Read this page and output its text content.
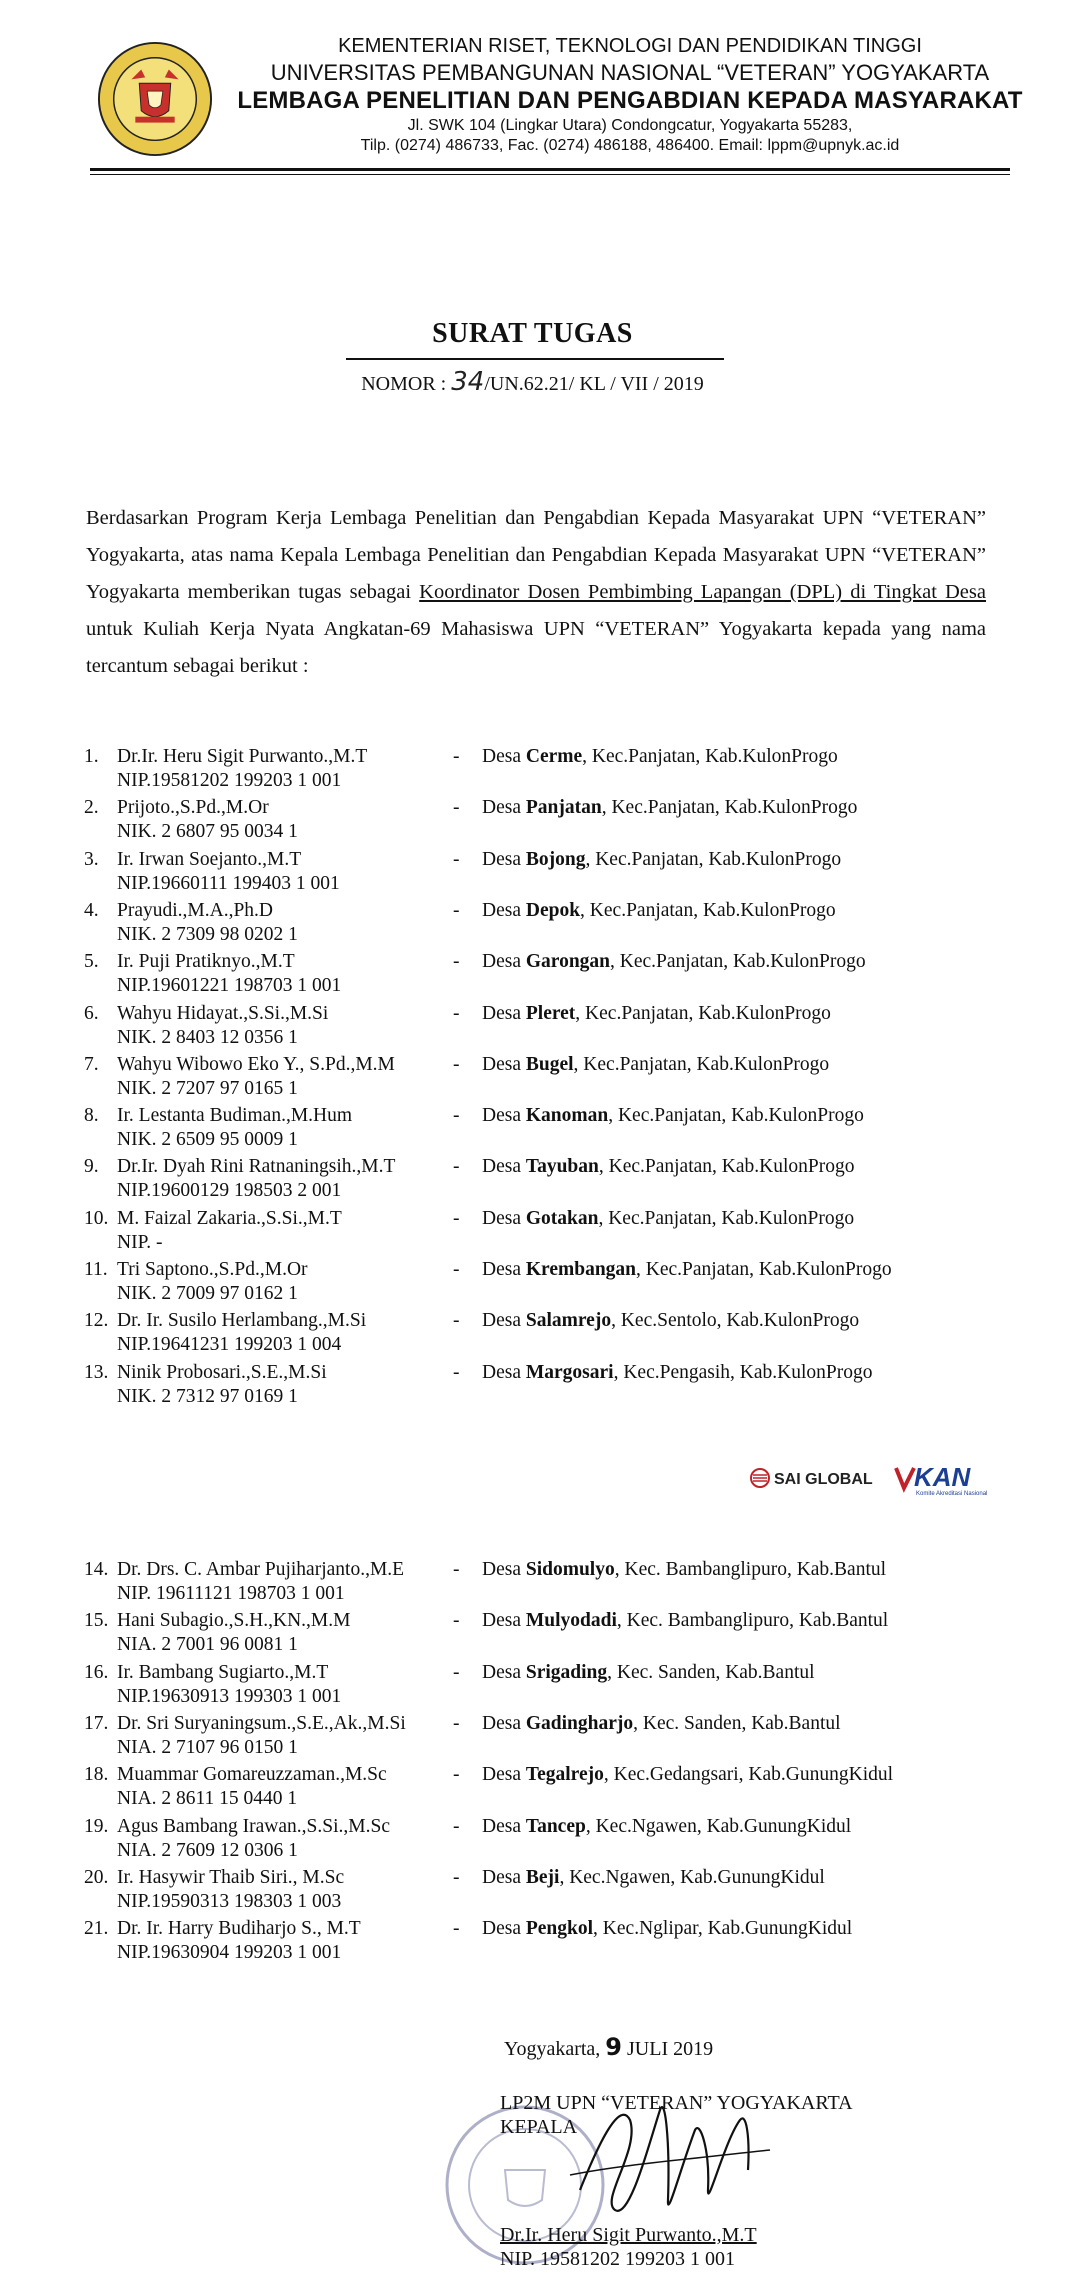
KEMENTERIAN RISET, TEKNOLOGI DAN PENDIDIKAN TINGGI
UNIVERSITAS PEMBANGUNAN NASIONAL “VETERAN” YOGYAKARTA
LEMBAGA PENELITIAN DAN PENGABDIAN KEPADA MASYARAKAT
Jl. SWK 104 (Lingkar Utara) Condongcatur, Yogyakarta 55283,
Tilp. (0274) 486733, Fac. (0274) 486188, 486400. Email: lppm@upnyk.ac.id
SURAT TUGAS
NOMOR : 34/UN.62.21/ KL / VII / 2019
Berdasarkan Program Kerja Lembaga Penelitian dan Pengabdian Kepada Masyarakat UPN “VETERAN” Yogyakarta, atas nama Kepala Lembaga Penelitian dan Pengabdian Kepada Masyarakat UPN “VETERAN” Yogyakarta memberikan tugas sebagai Koordinator Dosen Pembimbing Lapangan (DPL) di Tingkat Desa untuk Kuliah Kerja Nyata Angkatan-69 Mahasiswa UPN “VETERAN” Yogyakarta kepada yang nama tercantum sebagai berikut :
1. Dr.Ir. Heru Sigit Purwanto.,M.T
NIP.19581202 199203 1 001
- Desa Cerme, Kec.Panjatan, Kab.KulonProgo
2. Prijoto.,S.Pd.,M.Or
NIK. 2 6807 95 0034 1
- Desa Panjatan, Kec.Panjatan, Kab.KulonProgo
3. Ir. Irwan Soejanto.,M.T
NIP.19660111 199403 1 001
- Desa Bojong, Kec.Panjatan, Kab.KulonProgo
4. Prayudi.,M.A.,Ph.D
NIK. 2 7309 98 0202 1
- Desa Depok, Kec.Panjatan, Kab.KulonProgo
5. Ir. Puji Pratiknyo.,M.T
NIP.19601221 198703 1 001
- Desa Garongan, Kec.Panjatan, Kab.KulonProgo
6. Wahyu Hidayat.,S.Si.,M.Si
NIK. 2 8403 12 0356 1
- Desa Pleret, Kec.Panjatan, Kab.KulonProgo
7. Wahyu Wibowo Eko Y., S.Pd.,M.M
NIK. 2 7207 97 0165 1
- Desa Bugel, Kec.Panjatan, Kab.KulonProgo
8. Ir. Lestanta Budiman.,M.Hum
NIK. 2 6509 95 0009 1
- Desa Kanoman, Kec.Panjatan, Kab.KulonProgo
9. Dr.Ir. Dyah Rini Ratnaningsih.,M.T
NIP.19600129 198503 2 001
- Desa Tayuban, Kec.Panjatan, Kab.KulonProgo
10. M. Faizal Zakaria.,S.Si.,M.T
NIP. -
- Desa Gotakan, Kec.Panjatan, Kab.KulonProgo
11. Tri Saptono.,S.Pd.,M.Or
NIK. 2 7009 97 0162 1
- Desa Krembangan, Kec.Panjatan, Kab.KulonProgo
12. Dr. Ir. Susilo Herlambang.,M.Si
NIP.19641231 199203 1 004
- Desa Salamrejo, Kec.Sentolo, Kab.KulonProgo
13. Ninik Probosari.,S.E.,M.Si
NIK. 2 7312 97 0169 1
- Desa Margosari, Kec.Pengasih, Kab.KulonProgo
SAI GLOBAL KAN
Komite Akreditasi Nasional
14. Dr. Drs. C. Ambar Pujiharjanto.,M.E
NIP. 19611121 198703 1 001
- Desa Sidomulyo, Kec. Bambanglipuro, Kab.Bantul
15. Hani Subagio.,S.H.,KN.,M.M
NIA. 2 7001 96 0081 1
- Desa Mulyodadi, Kec. Bambanglipuro, Kab.Bantul
16. Ir. Bambang Sugiarto.,M.T
NIP.19630913 199303 1 001
- Desa Srigading, Kec. Sanden, Kab.Bantul
17. Dr. Sri Suryaningsum.,S.E.,Ak.,M.Si
NIA. 2 7107 96 0150 1
- Desa Gadingharjo, Kec. Sanden, Kab.Bantul
18. Muammar Gomareuzzaman.,M.Sc
NIA. 2 8611 15 0440 1
- Desa Tegalrejo, Kec.Gedangsari, Kab.GunungKidul
19. Agus Bambang Irawan.,S.Si.,M.Sc
NIA. 2 7609 12 0306 1
- Desa Tancep, Kec.Ngawen, Kab.GunungKidul
20. Ir. Hasywir Thaib Siri., M.Sc
NIP.19590313 198303 1 003
- Desa Beji, Kec.Ngawen, Kab.GunungKidul
21. Dr. Ir. Harry Budiharjo S., M.T
NIP.19630904 199203 1 001
- Desa Pengkol, Kec.Nglipar, Kab.GunungKidul
Yogyakarta, 9 JULI 2019
LP2M UPN “VETERAN” YOGYAKARTA
KEPALA
Dr.Ir. Heru Sigit Purwanto.,M.T
NIP. 19581202 199203 1 001
